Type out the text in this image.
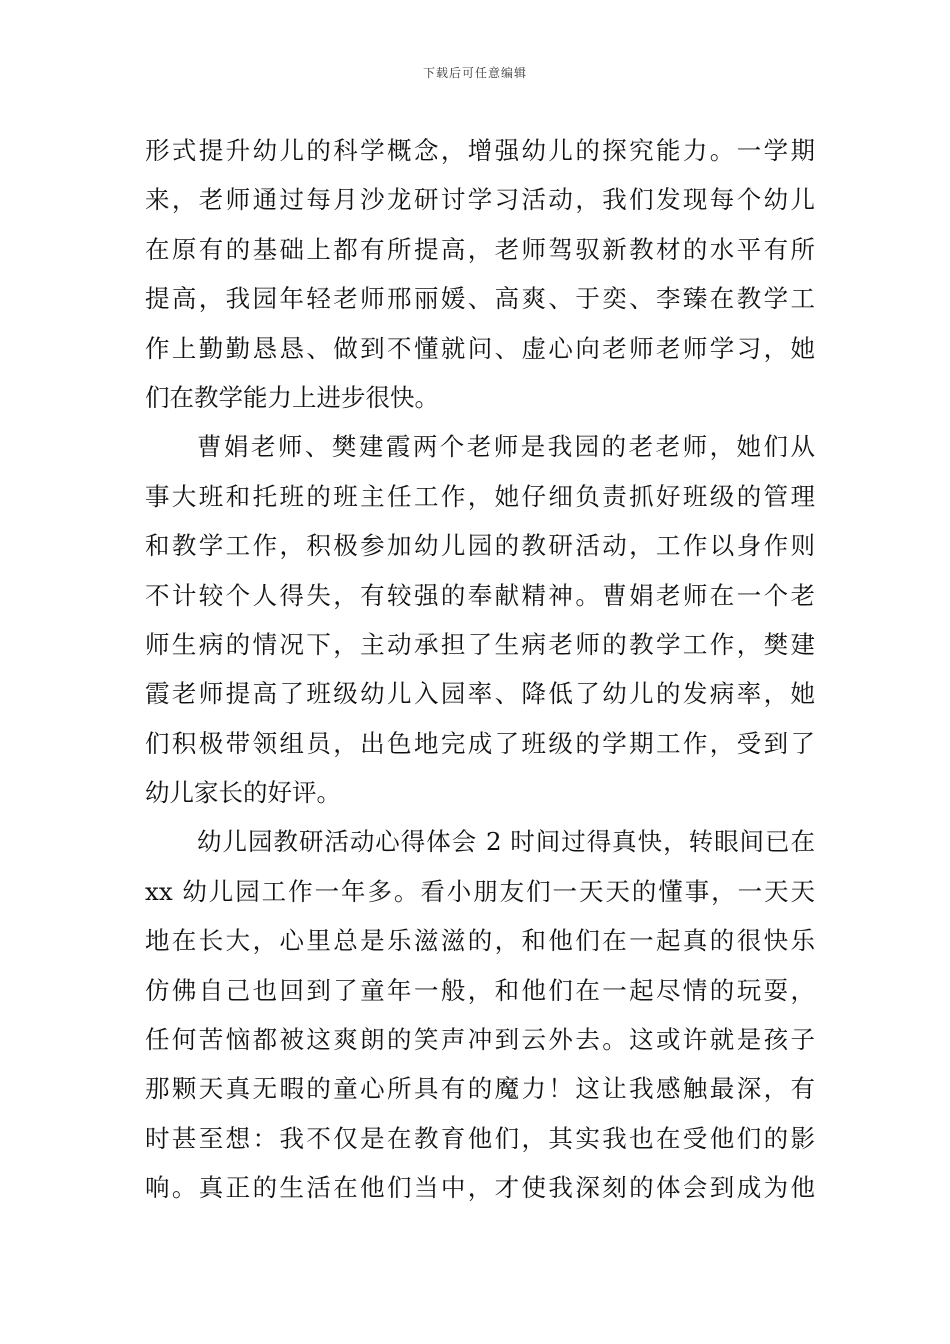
下载后可任意编辑
形式提升幼儿的科学概念，增强幼儿的探究能力。一学期
来，老师通过每月沙龙研讨学习活动，我们发现每个幼儿
在原有的基础上都有所提高，老师驾驭新教材的水平有所
提高，我园年轻老师邢丽媛、高爽、于奕、李臻在教学工
作上勤勤恳恳、做到不懂就问、虚心向老师老师学习，她
们在教学能力上进步很快。
曹娟老师、樊建霞两个老师是我园的老老师，她们从
事大班和托班的班主任工作，她仔细负责抓好班级的管理
和教学工作，积极参加幼儿园的教研活动，工作以身作则
不计较个人得失，有较强的奉献精神。曹娟老师在一个老
师生病的情况下，主动承担了生病老师的教学工作，樊建
霞老师提高了班级幼儿入园率、降低了幼儿的发病率，她
们积极带领组员，出色地完成了班级的学期工作，受到了
幼儿家长的好评。
幼儿园教研活动心得体会 2 时间过得真快，转眼间已在
xx 幼儿园工作一年多。看小朋友们一天天的懂事，一天天
地在长大，心里总是乐滋滋的，和他们在一起真的很快乐
仿佛自己也回到了童年一般，和他们在一起尽情的玩耍，
任何苦恼都被这爽朗的笑声冲到云外去。这或许就是孩子
那颗天真无暇的童心所具有的魔力！这让我感触最深，有
时甚至想：我不仅是在教育他们，其实我也在受他们的影
响。真正的生活在他们当中，才使我深刻的体会到成为他
